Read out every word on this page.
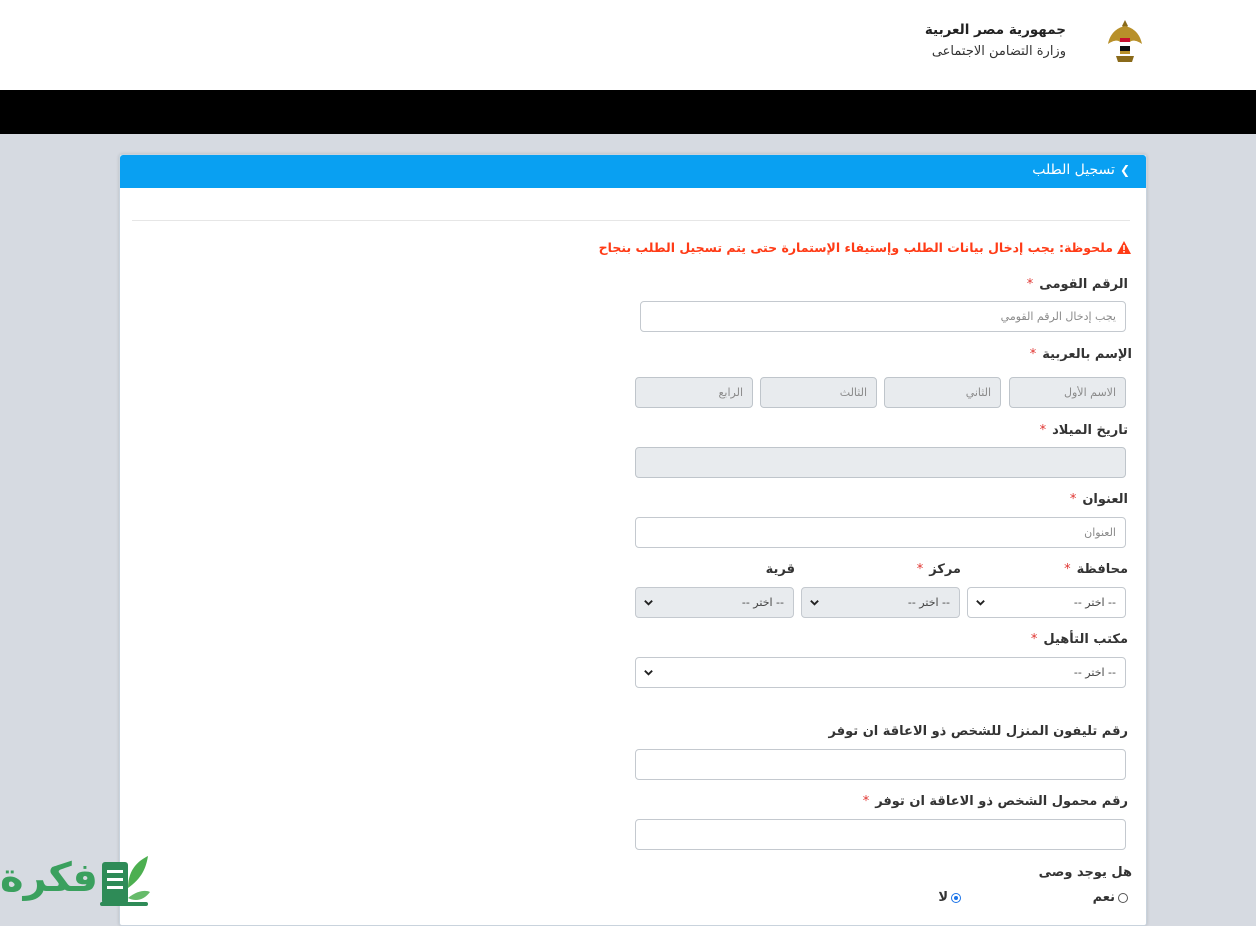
جمهورية مصر العربية
وزارة التضامن الاجتماعى
❯تسجيل الطلب
ملحوظة: يجب إدخال بيانات الطلب وإستيفاء الإستمارة حتى يتم تسجيل الطلب بنجاح
الرقم القومى*
يجب إدخال الرقم القومي
الإسم بالعربية*
الاسم الأول
الثاني
الثالث
الرابع
تاريخ الميلاد*
العنوان*
العنوان
محافظة*
مركز*
قرية
-- اختر --
-- اختر --
-- اختر --
مكتب التأهيل*
-- اختر --
رقم تليفون المنزل للشخص ذو الاعاقة ان توفر
رقم محمول الشخص ذو الاعاقة ان توفر*
هل يوجد وصى
نعم
لا
فكرة
